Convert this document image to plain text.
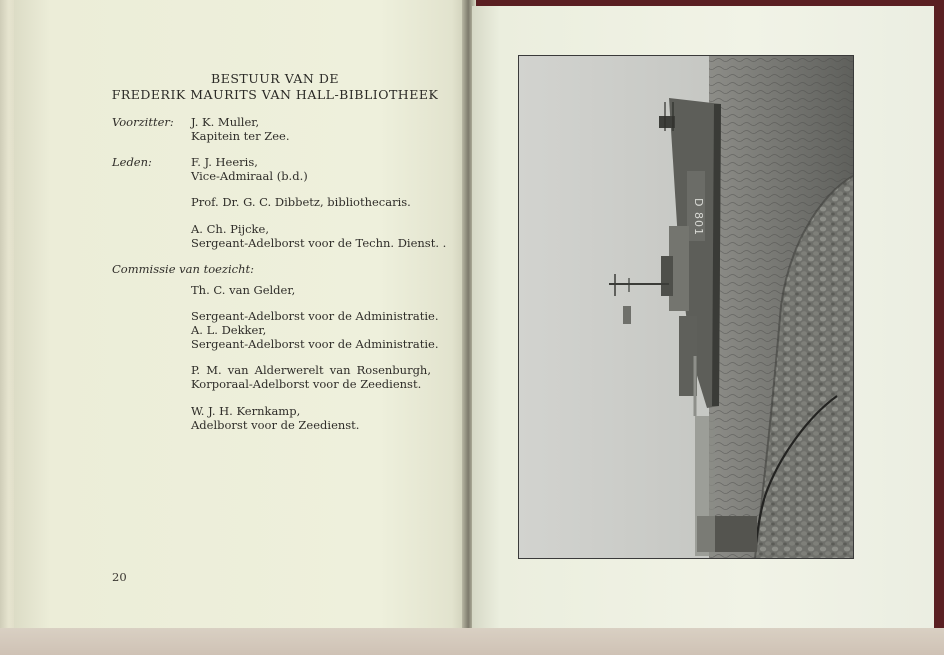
BESTUUR VAN DE
FREDERIK MAURITS VAN HALL-BIBLIOTHEEK
Voorzitter: J. K. Muller,
Kapitein ter Zee.
Leden:	F. J. Heeris,
Vice-Admiraal (b.d.)
Prof. Dr. G. C. Dibbetz, bibliothecaris.
A. Ch. Pijcke,
Sergeant-Adelborst voor de Techn. Dienst. .
Commissie van toezicht:
Th. C. van Gelder,
Sergeant-Adelborst voor de Administratie.
A. L. Dekker,
Sergeant-Adelborst voor de Administratie.
P. M. van Alderwerelt van Rosenburgh,
Korporaal-Adelborst voor de Zeedienst.
W. J. H. Kernkamp,
Adelborst voor de Zeedienst.
20
D 801
